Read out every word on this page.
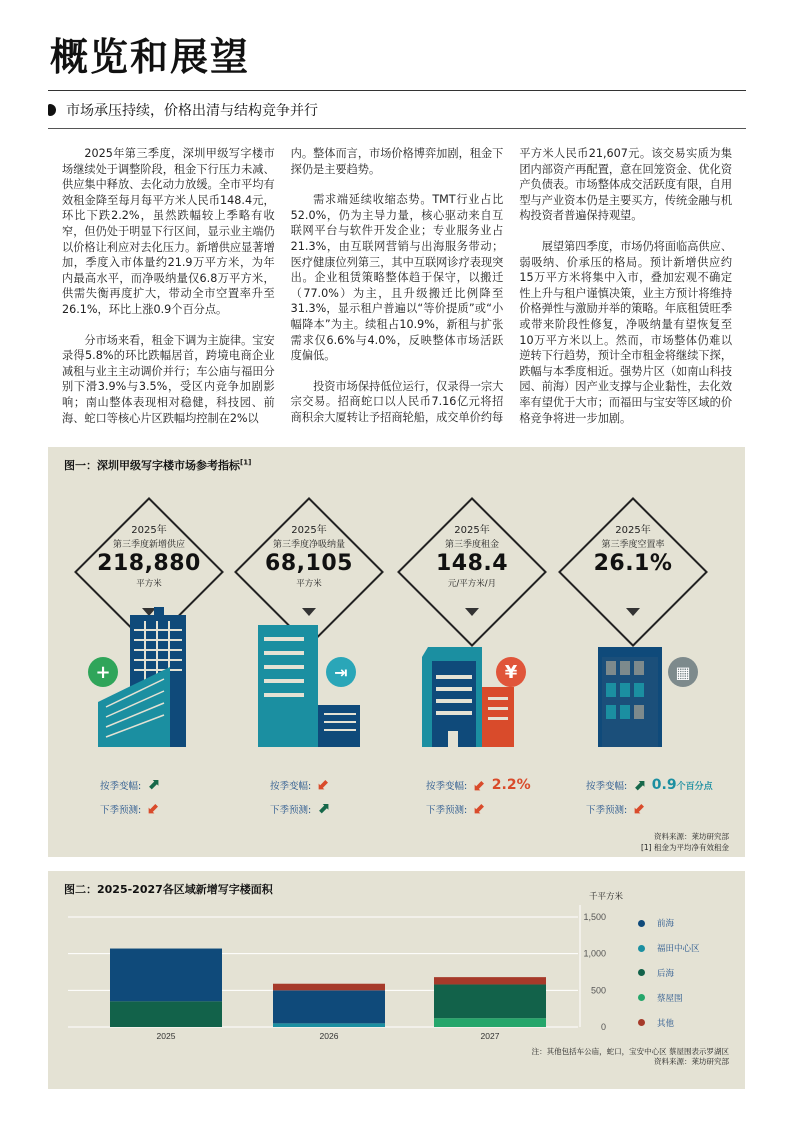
概览和展望
市场承压持续，价格出清与结构竞争并行

2025年第三季度，深圳甲级写字楼市场继续处于调整阶段，租金下行压力未减、供应集中释放、去化动力放缓。全市平均有效租金降至每月每平方米人民币148.4元，环比下跌2.2%，虽然跌幅较上季略有收窄，但仍处于明显下行区间，显示业主端仍以价格让利应对去化压力。新增供应显著增加，季度入市体量约21.9万平方米，为年内最高水平，而净吸纳量仅6.8万平方米，供需失衡再度扩大，带动全市空置率升至26.1%，环比上涨0.9个百分点。

分市场来看，租金下调为主旋律。宝安录得5.8%的环比跌幅居首，跨境电商企业减租与业主主动调价并行；车公庙与福田分别下滑3.9%与3.5%，受区内竞争加剧影响；南山整体表现相对稳健，科技园、前海、蛇口等核心片区跌幅均控制在2%以

内。整体而言，市场价格博弈加剧，租金下探仍是主要趋势。

需求端延续收缩态势。TMT行业占比52.0%，仍为主导力量，核心驱动来自互联网平台与软件开发企业；专业服务业占21.3%，由互联网营销与出海服务带动；医疗健康位列第三，其中互联网诊疗表现突出。企业租赁策略整体趋于保守，以搬迁（77.0%）为主，且升级搬迁比例降至31.3%，显示租户普遍以“等价提质”或“小幅降本”为主。续租占10.9%，新租与扩张需求仅6.6%与4.0%，反映整体市场活跃度偏低。

投资市场保持低位运行，仅录得一宗大宗交易。招商蛇口以人民币7.16亿元将招商积余大厦转让予招商轮船，成交单价约每

平方米人民币21,607元。该交易实质为集团内部资产再配置，意在回笼资金、优化资产负债表。市场整体成交活跃度有限，自用型与产业资本仍是主要买方，传统金融与机构投资者普遍保持观望。

展望第四季度，市场仍将面临高供应、弱吸纳、价承压的格局。预计新增供应约15万平方米将集中入市，叠加宏观不确定性上升与租户谨慎决策，业主方预计将维持价格弹性与激励并举的策略。年底租赁旺季或带来阶段性修复，净吸纳量有望恢复至10万平方米以上。然而，市场整体仍难以逆转下行趋势，预计全市租金将继续下探，跌幅与本季度相近。强势片区（如南山科技园、前海）因产业支撑与企业黏性，去化效率有望优于大市；而福田与宝安等区域的价格竞争将进一步加剧。

图一：深圳甲级写字楼市场参考指标[1]
2025年
第三季度新增供应
218,880
平方米
2025年
第三季度净吸纳量
68,105
平方米
2025年
第三季度租金
148.4
元/平方米/月
2025年
第三季度空置率
26.1%
+	⇥	¥	▦
按季变幅: ⬈
下季预测: ⬋
按季变幅: ⬋
下季预测: ⬈
按季变幅: ⬋ 2.2%
下季预测: ⬋
按季变幅: ⬈ 0.9个百分点
下季预测: ⬋
资料来源：莱坊研究部
[1] 租金为平均净有效租金
图二：2025-2027各区域新增写字楼面积
0
500
1,000
1,500
千平方米
2025	2026	2027
前海
福田中心区
后海
蔡屋围
其他
注：其他包括车公庙，蛇口，宝安中心区 蔡屋围表示罗湖区
资料来源：莱坊研究部
